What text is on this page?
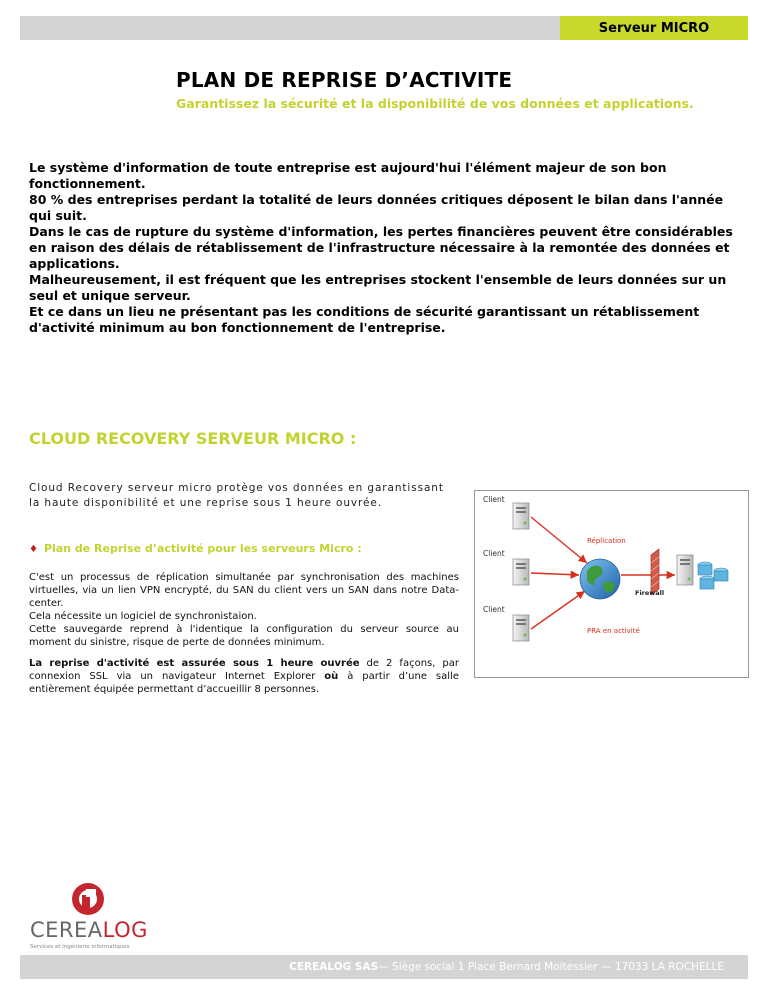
Serveur MICRO
PLAN DE REPRISE D’ACTIVITE
Garantissez la sécurité et la disponibilité de vos données et applications.

Le système d'information de toute entreprise est aujourd'hui l'élément majeur de son bon fonctionnement.

80 % des entreprises perdant la totalité de leurs données critiques déposent le bilan dans l'année qui suit.

Dans le cas de rupture du système d'information, les pertes financières peuvent être considérables en raison des délais de rétablissement de l'infrastructure nécessaire à la remontée des données et applications.

Malheureusement, il est fréquent que les entreprises stockent l'ensemble de leurs données sur un seul et unique serveur.

Et ce dans un lieu ne présentant pas les conditions de sécurité garantissant un rétablissement d'activité minimum au bon fonctionnement de l'entreprise.

CLOUD RECOVERY SERVEUR MICRO :
Cloud Recovery serveur micro protège vos données en garantissant la haute disponibilité et une reprise sous 1 heure ouvrée.
♦ Plan de Reprise d’activité pour les serveurs Micro :

C'est un processus de réplication simultanée par synchronisation des machines virtuelles, via un lien VPN encrypté, du SAN du client vers un SAN dans notre Data-center.

Cela nécessite un logiciel de synchronistaion.

Cette sauvegarde reprend à l'identique la configuration du serveur source au moment du sinistre, risque de perte de données minimum.

La reprise d'activité est assurée sous 1 heure ouvrée de 2 façons, par connexion SSL via un navigateur Internet Explorer où à partir d’une salle entièrement équipée permettant d’accueillir 8 personnes.

Client
Client
Client
Firewall
Réplication
PRA en activité
CEREALOG
Services et ingénierie informatiques
CEREALOG SAS— Siège social 1 Place Bernard Moitessier — 17033 LA ROCHELLE
